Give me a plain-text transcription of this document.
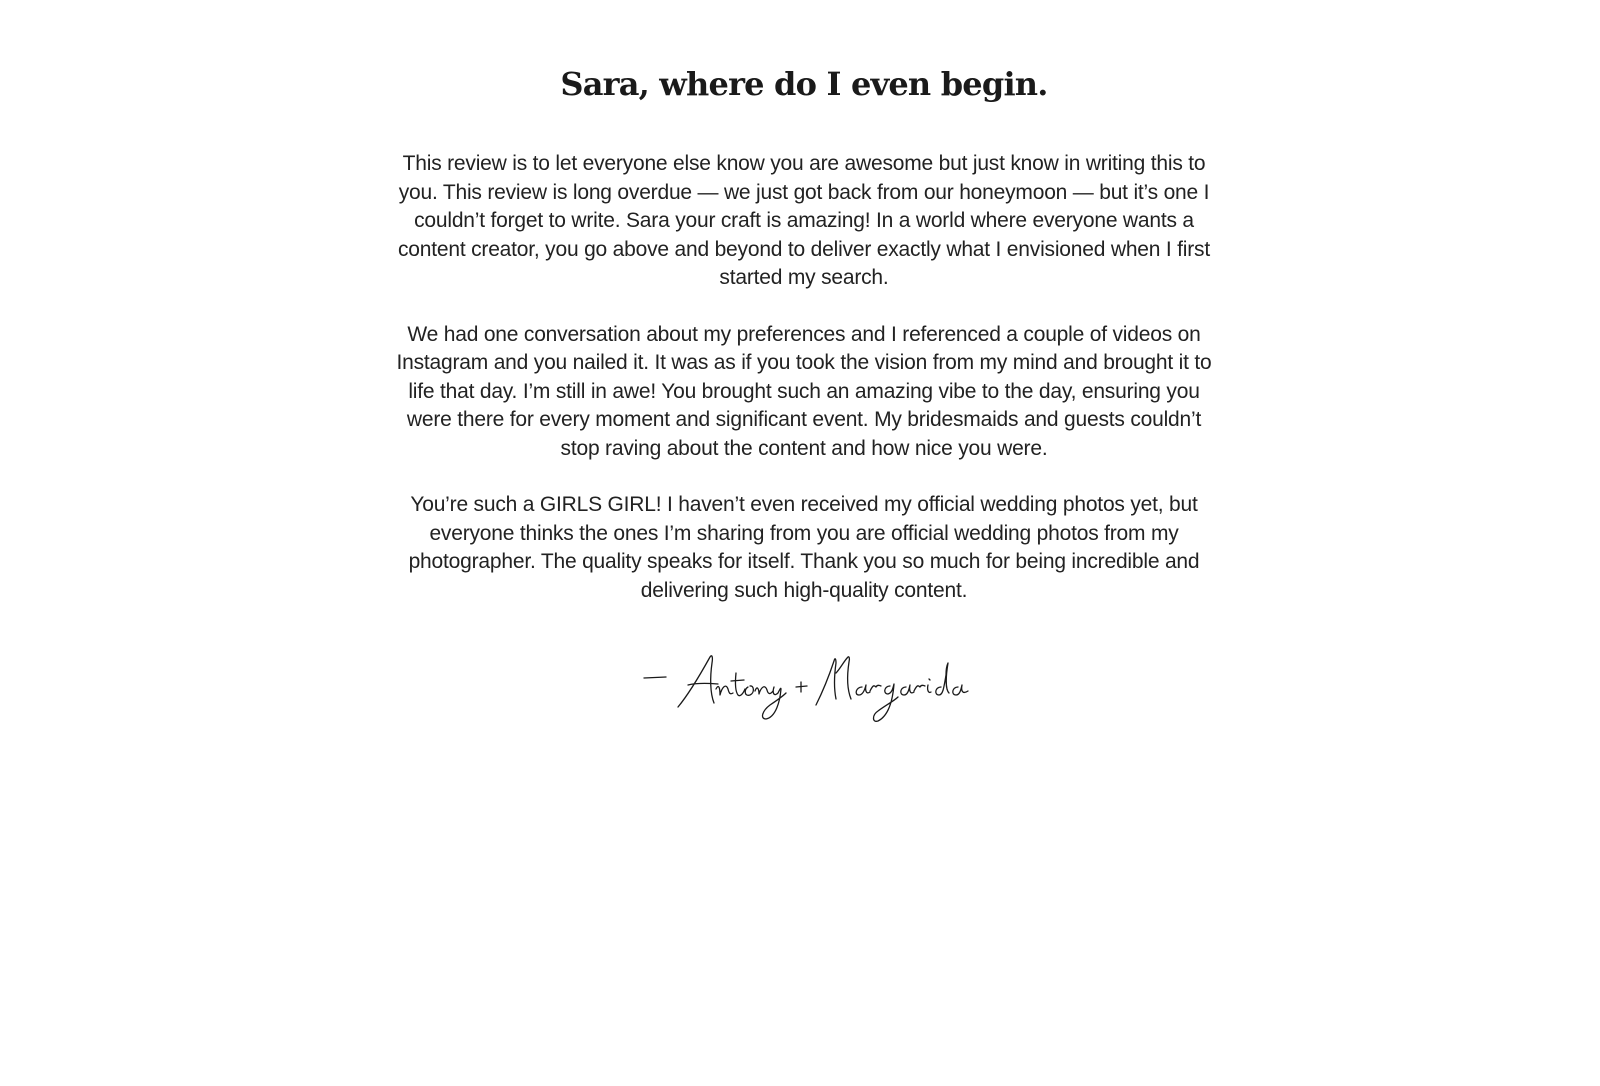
Sara, where do I even begin.

This review is to let everyone else know you are awesome but just know in writing this to you. This review is long overdue — we just got back from our honeymoon — but it’s one I couldn’t forget to write. Sara your craft is amazing! In a world where everyone wants a content creator, you go above and beyond to deliver exactly what I envisioned when I first started my search.

We had one conversation about my preferences and I referenced a couple of videos on Instagram and you nailed it. It was as if you took the vision from my mind and brought it to life that day. I’m still in awe! You brought such an amazing vibe to the day, ensuring you were there for every moment and significant event. My bridesmaids and guests couldn’t stop raving about the content and how nice you were.

You’re such a GIRLS GIRL! I haven’t even received my official wedding photos yet, but everyone thinks the ones I’m sharing from you are official wedding photos from my photographer. The quality speaks for itself. Thank you so much for being incredible and delivering such high-quality content.
